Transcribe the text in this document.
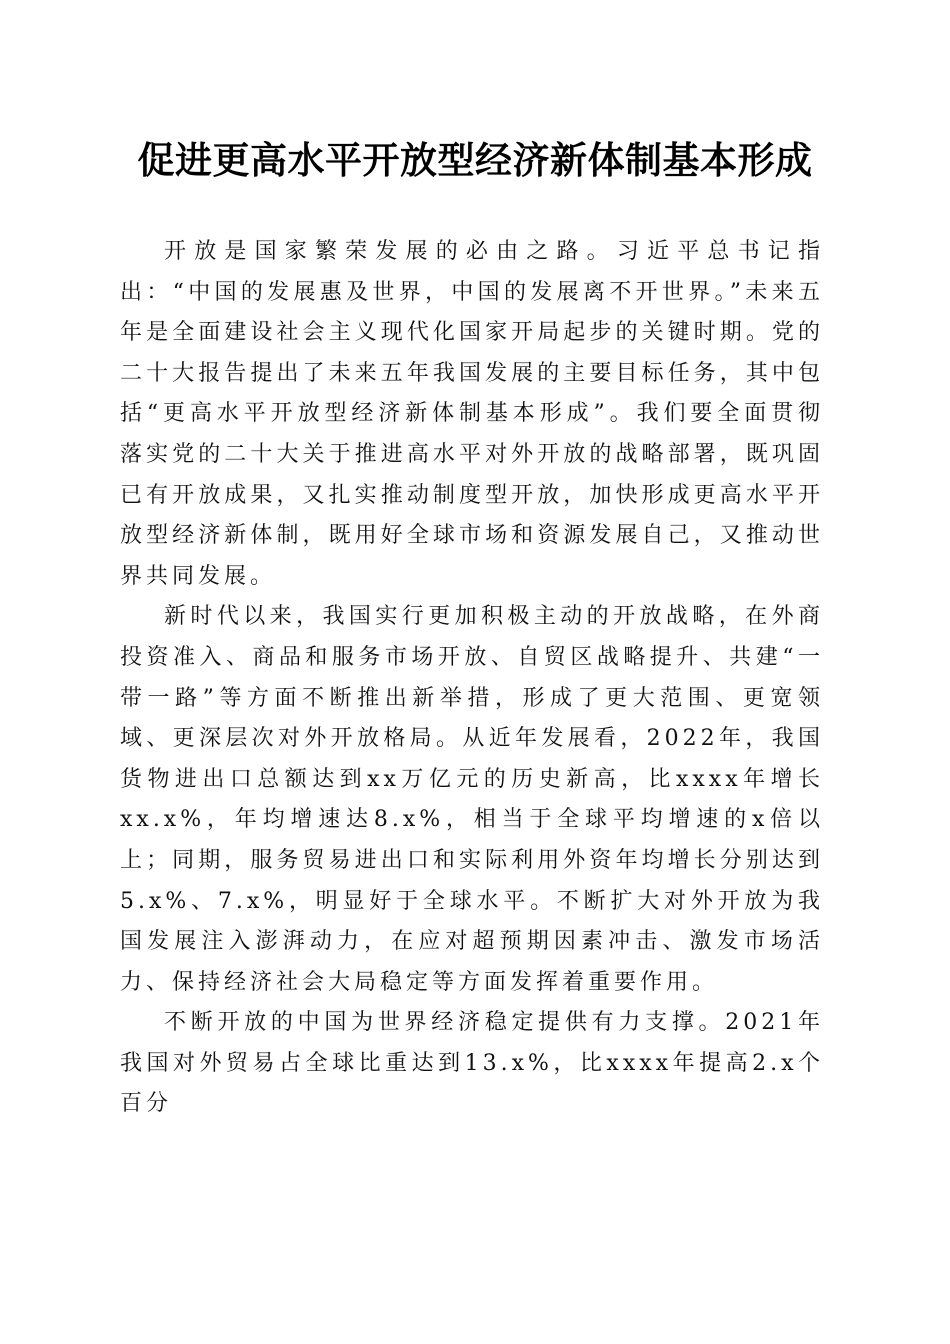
促进更高水平开放型经济新体制基本形成

开放是国家繁荣发展的必由之路。习近平总书记指出：“中国的发展惠及世界，中国的发展离不开世界。”未来五年是全面建设社会主义现代化国家开局起步的关键时期。党的二十大报告提出了未来五年我国发展的主要目标任务，其中包括“更高水平开放型经济新体制基本形成”。我们要全面贯彻落实党的二十大关于推进高水平对外开放的战略部署，既巩固已有开放成果，又扎实推动制度型开放，加快形成更高水平开放型经济新体制，既用好全球市场和资源发展自己，又推动世界共同发展。

新时代以来，我国实行更加积极主动的开放战略，在外商投资准入、商品和服务市场开放、自贸区战略提升、共建“一带一路”等方面不断推出新举措，形成了更大范围、更宽领域、更深层次对外开放格局。从近年发展看，2022年，我国货物进出口总额达到xx万亿元的历史新高，比xxxx年增长xx.x%，年均增速达8.x%，相当于全球平均增速的x倍以上；同期，服务贸易进出口和实际利用外资年均增长分别达到5.x%、7.x%，明显好于全球水平。不断扩大对外开放为我国发展注入澎湃动力，在应对超预期因素冲击、激发市场活力、保持经济社会大局稳定等方面发挥着重要作用。

不断开放的中国为世界经济稳定提供有力支撑。2021年我国对外贸易占全球比重达到13.x%，比xxxx年提高2.x个百分
